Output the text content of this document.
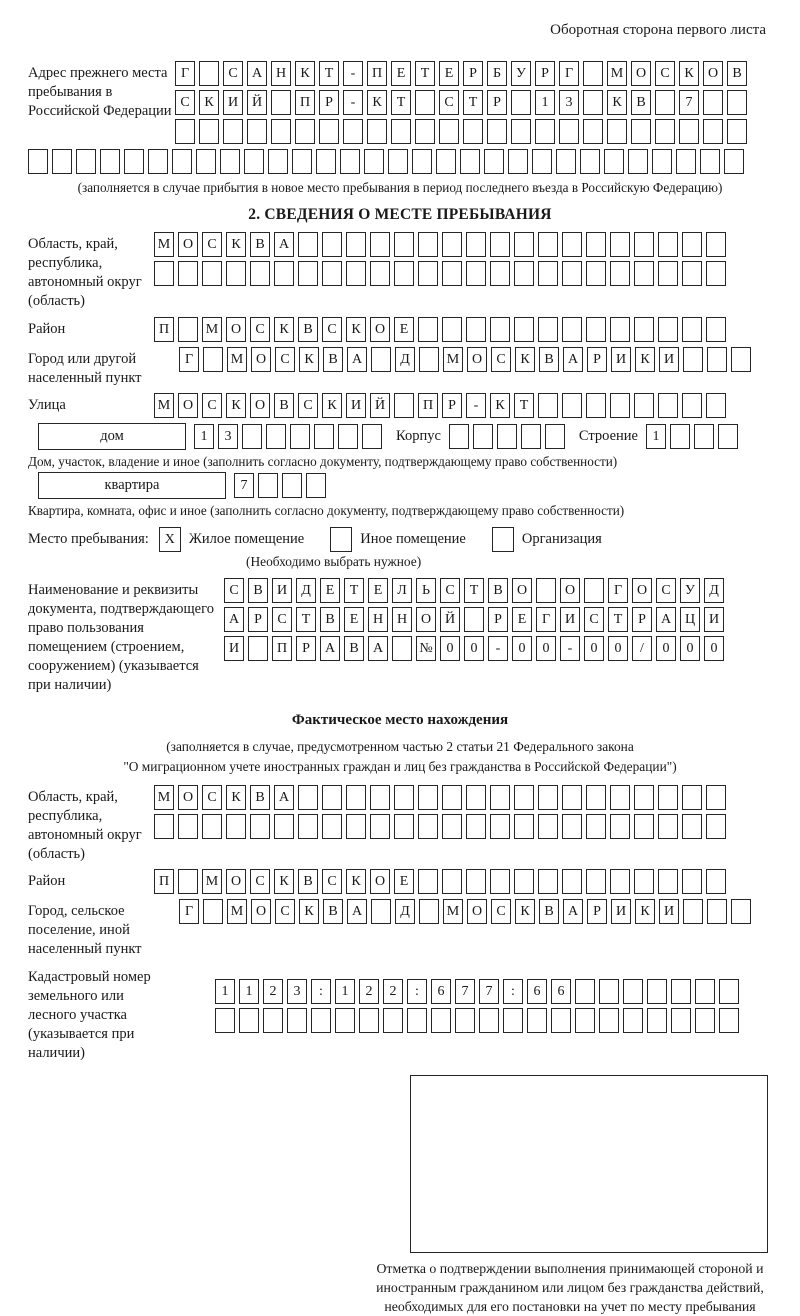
Оборотная сторона первого листа
Адрес прежнего места пребывания в Российской Федерации
Г	С	А Н	К	Т	-	П	Е	Т	Е	Р	Б	У	Р	Г	М О	С	К	О	В
С	К	И Й	П	Р	-	К	Т	С	Т	Р	1	3	К	В	7
(заполняется в случае прибытия в новое место пребывания в период последнего въезда в Российскую Федерацию)
2. СВЕДЕНИЯ О МЕСТЕ ПРЕБЫВАНИЯ
Область, край, республика, автономный округ (область)
М О	С	К	В	А
Район	П	М О	С	К	В	С	К	О	Е
Город или другой населенный пункт
Г	М О	С	К	В	А	Д	М О	С	К	В	А	Р	И	К	И
Улица	М О	С	К	О	В	С	К	И Й	П	Р	-	К	Т
дом	1	3	Корпус	Строение	1
Дом, участок, владение и иное (заполнить согласно документу, подтверждающему право собственности)
квартира	7
Квартира, комната, офис и иное (заполнить согласно документу, подтверждающему право собственности)
Место пребывания:	X Жилое помещение	Иное помещение	Организация
(Необходимо выбрать нужное)
Наименование и реквизиты документа, подтверждающего право пользования помещением (строением, сооружением) (указывается при наличии)
С	В	И	Д	Е	Т	Е	Л	Ь	С	Т	В	О	О	Г	О	С	У	Д
А	Р	С	Т	В	Е	Н Н О Й	Р	Е	Г	И	С	Т	Р	А Ц И
И	П	Р	А	В	А	№ 0	0	-	0	0	-	0	0	/	0	0	0
Фактическое место нахождения
(заполняется в случае, предусмотренном частью 2 статьи 21 Федерального закона
"О миграционном учете иностранных граждан и лиц без гражданства в Российской Федерации")
Область, край, республика, автономный округ (область)
М О	С	К	В	А
Район	П	М О	С	К	В	С	К	О	Е
Город, сельское поселение, иной населенный пункт
Г	М О	С	К	В	А	Д	М О	С	К	В	А	Р	И	К	И
Кадастровый номер земельного или лесного участка (указывается при наличии)
1	1	2	3	:	1	2	2	:	6	7	7	:	6	6
Отметка о подтверждении выполнения принимающей стороной и иностранным гражданином или лицом без гражданства действий, необходимых для его постановки на учет по месту пребывания
